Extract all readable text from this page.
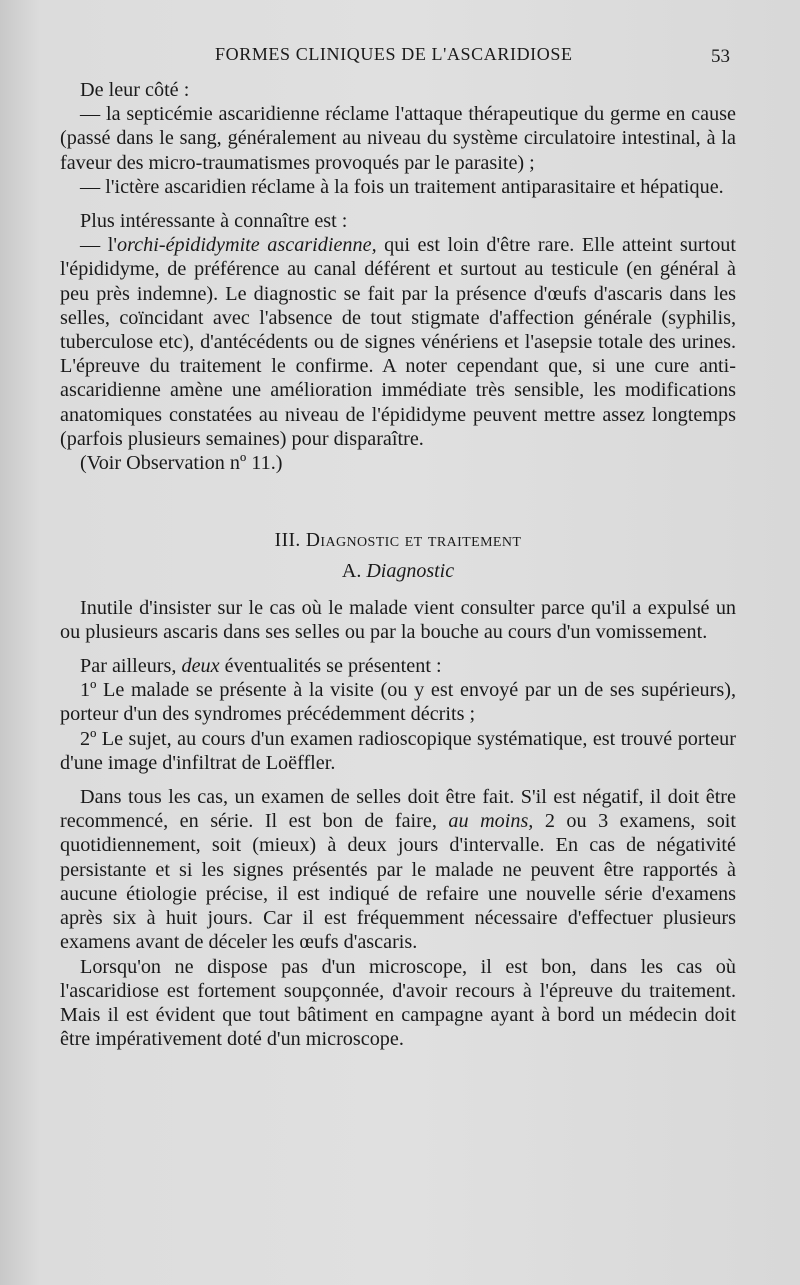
FORMES CLINIQUES DE L'ASCARIDIOSE	53

De leur côté :

— la septicémie ascaridienne réclame l'attaque thérapeutique du germe en cause (passé dans le sang, généralement au niveau du système circulatoire intestinal, à la faveur des micro-traumatismes provoqués par le parasite) ;

— l'ictère ascaridien réclame à la fois un traitement antiparasitaire et hépatique.

Plus intéressante à connaître est :

— l'orchi-épididymite ascaridienne, qui est loin d'être rare. Elle atteint surtout l'épididyme, de préférence au canal déférent et surtout au testicule (en général à peu près indemne). Le diagnostic se fait par la présence d'œufs d'ascaris dans les selles, coïncidant avec l'absence de tout stigmate d'affection générale (syphilis, tuberculose etc), d'antécédents ou de signes vénériens et l'asepsie totale des urines. L'épreuve du traitement le confirme. A noter cependant que, si une cure anti-ascaridienne amène une amélioration immédiate très sensible, les modifications anatomiques constatées au niveau de l'épididyme peuvent mettre assez longtemps (parfois plusieurs semaines) pour disparaître.

(Voir Observation nº 11.)

III. Diagnostic et traitement

A. Diagnostic

Inutile d'insister sur le cas où le malade vient consulter parce qu'il a expulsé un ou plusieurs ascaris dans ses selles ou par la bouche au cours d'un vomissement.

Par ailleurs, deux éventualités se présentent :

1º Le malade se présente à la visite (ou y est envoyé par un de ses supérieurs), porteur d'un des syndromes précédemment décrits ;

2º Le sujet, au cours d'un examen radioscopique systématique, est trouvé porteur d'une image d'infiltrat de Loëffler.

Dans tous les cas, un examen de selles doit être fait. S'il est négatif, il doit être recommencé, en série. Il est bon de faire, au moins, 2 ou 3 examens, soit quotidiennement, soit (mieux) à deux jours d'intervalle. En cas de négativité persistante et si les signes présentés par le malade ne peuvent être rapportés à aucune étiologie précise, il est indiqué de refaire une nouvelle série d'examens après six à huit jours. Car il est fréquemment nécessaire d'effectuer plusieurs examens avant de déceler les œufs d'ascaris.

Lorsqu'on ne dispose pas d'un microscope, il est bon, dans les cas où l'ascaridiose est fortement soupçonnée, d'avoir recours à l'épreuve du traitement. Mais il est évident que tout bâtiment en campagne ayant à bord un médecin doit être impérativement doté d'un microscope.
